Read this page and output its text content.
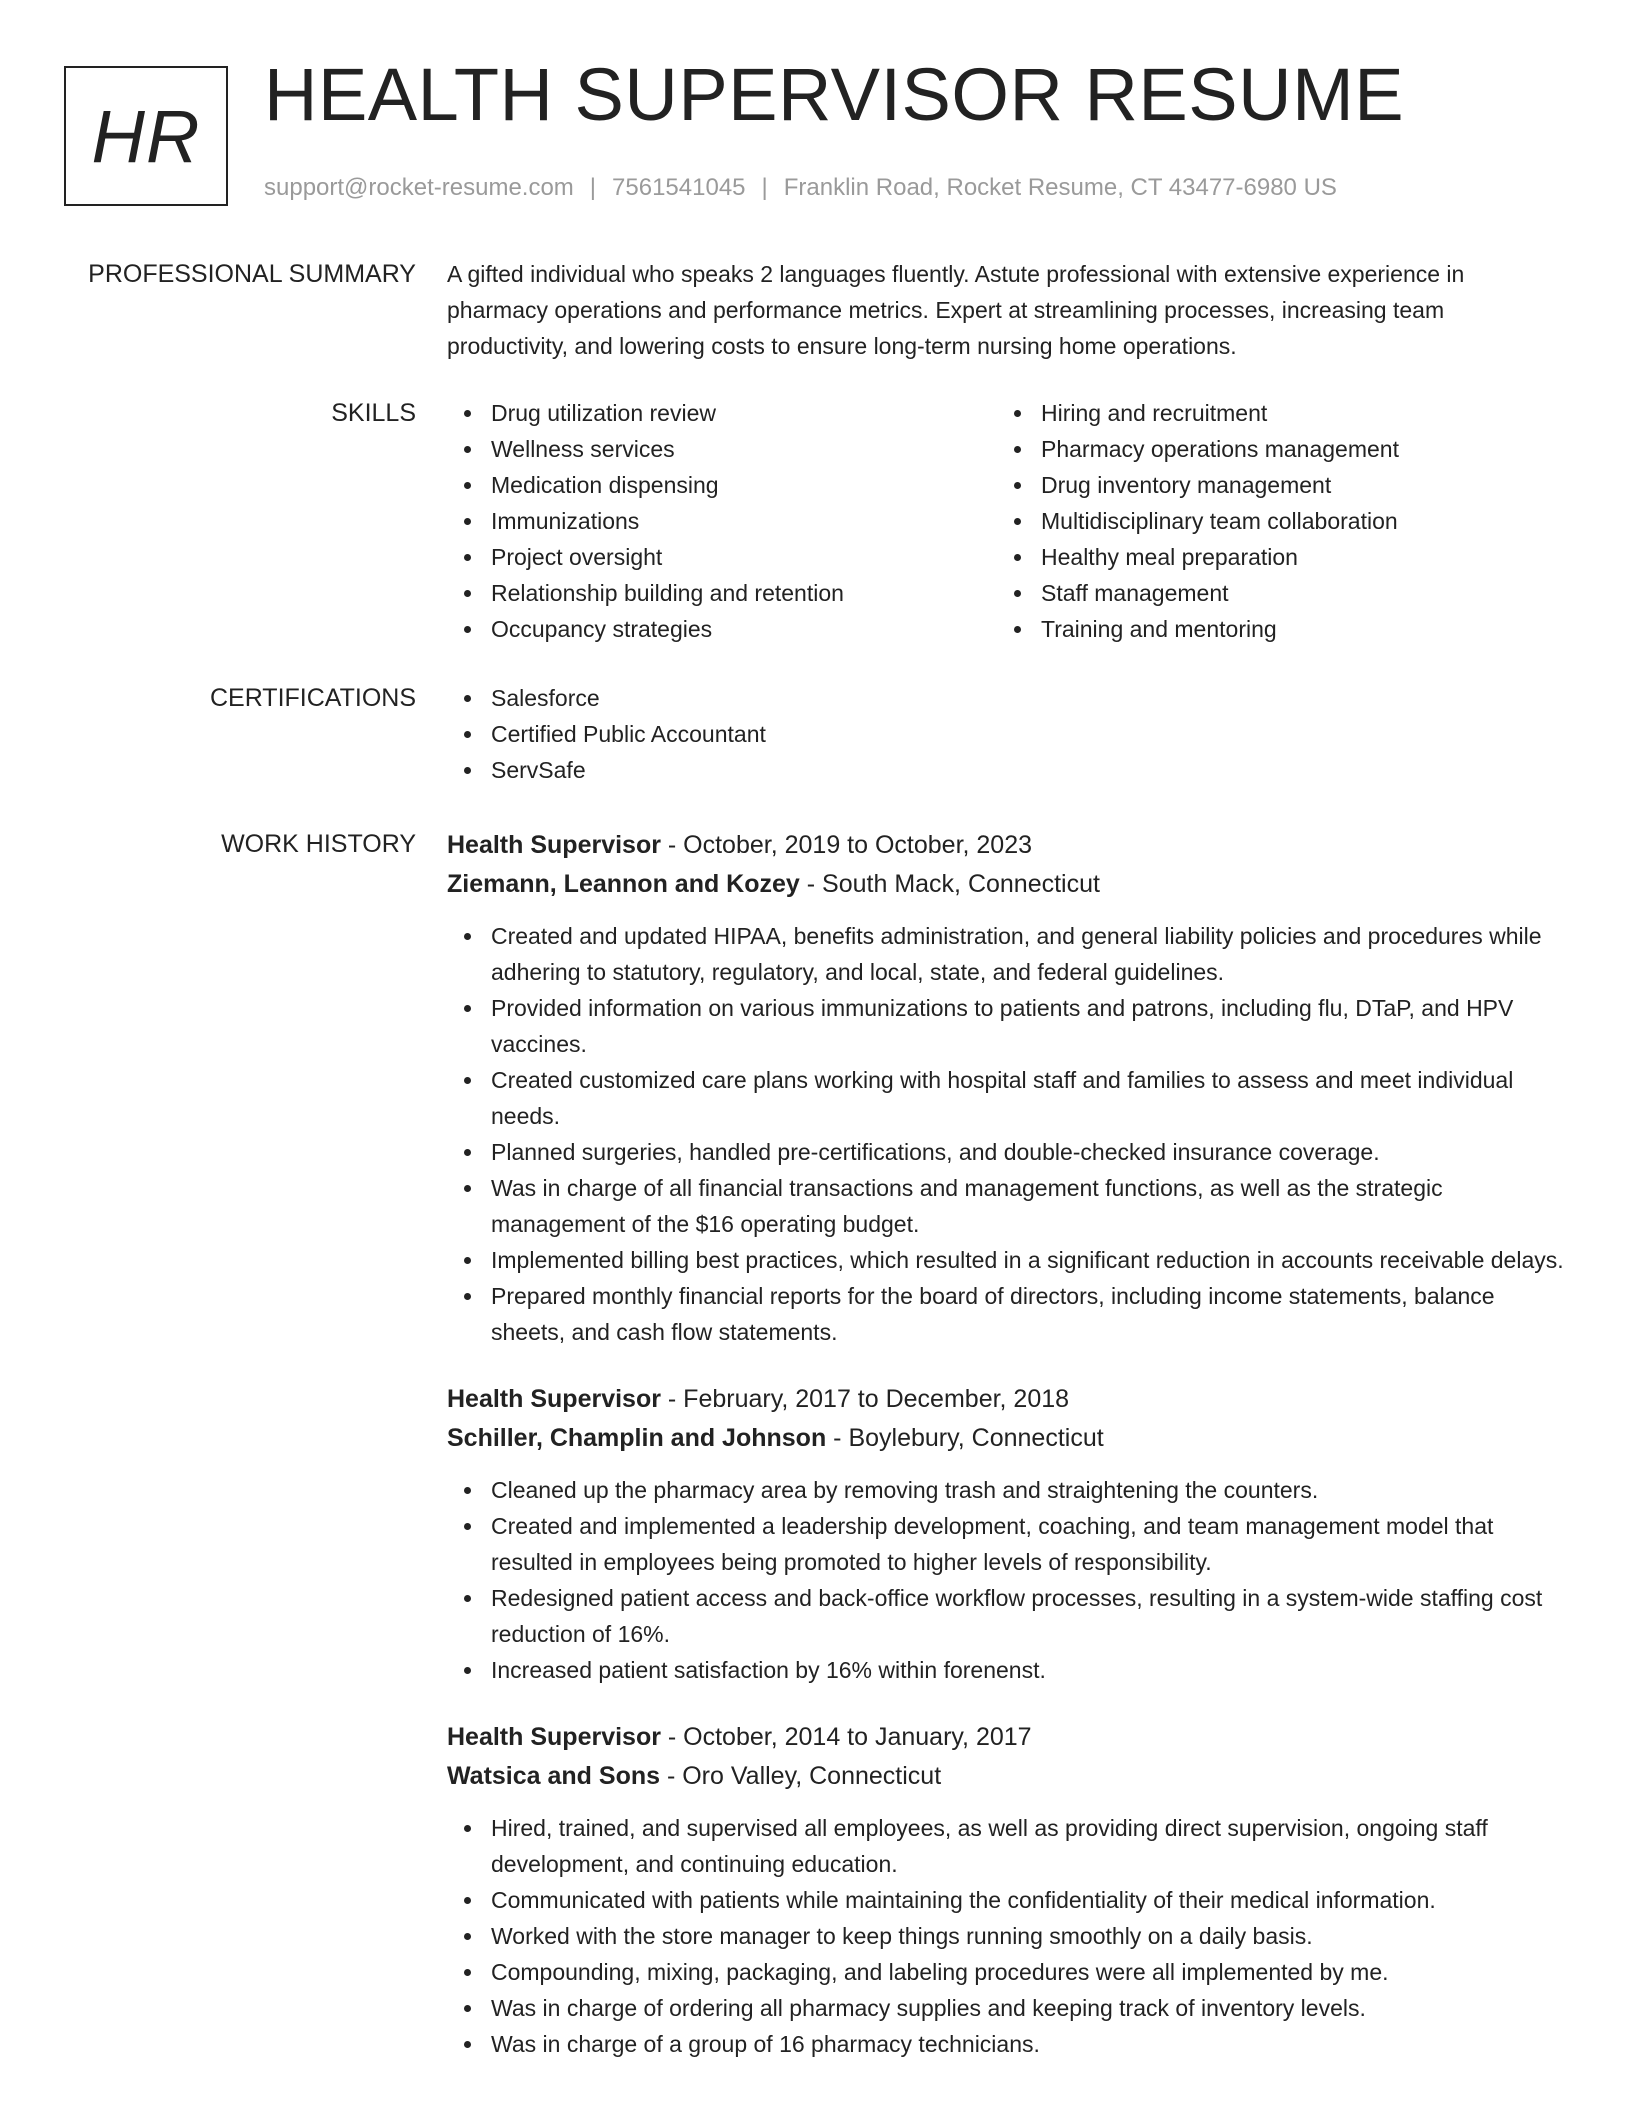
HR HEALTH SUPERVISOR RESUME
support@rocket-resume.com | 7561541045 | Franklin Road, Rocket Resume, CT 43477-6980 US
PROFESSIONAL SUMMARY A gifted individual who speaks 2 languages fluently. Astute professional with extensive experience in pharmacy operations and performance metrics. Expert at streamlining processes, increasing team productivity, and lowering costs to ensure long-term nursing home operations.

SKILLS	Drug utilization review
Wellness services
Medication dispensing
Immunizations
Project oversight
Relationship building and retention
Occupancy strategies
Hiring and recruitment
Pharmacy operations management
Drug inventory management
Multidisciplinary team collaboration
Healthy meal preparation
Staff management
Training and mentoring
CERTIFICATIONS	Salesforce
Certified Public Accountant
ServSafe
WORK HISTORY Health Supervisor - October, 2019 to October, 2023

Ziemann, Leannon and Kozey - South Mack, Connecticut

Created and updated HIPAA, benefits administration, and general liability policies and procedures while adhering to statutory, regulatory, and local, state, and federal guidelines.
Provided information on various immunizations to patients and patrons, including flu, DTaP, and HPV vaccines.
Created customized care plans working with hospital staff and families to assess and meet individual needs.
Planned surgeries, handled pre-certifications, and double-checked insurance coverage.
Was in charge of all financial transactions and management functions, as well as the strategic management of the $16 operating budget.
Implemented billing best practices, which resulted in a significant reduction in accounts receivable delays.
Prepared monthly financial reports for the board of directors, including income statements, balance sheets, and cash flow statements.

Health Supervisor - February, 2017 to December, 2018

Schiller, Champlin and Johnson - Boylebury, Connecticut

Cleaned up the pharmacy area by removing trash and straightening the counters.
Created and implemented a leadership development, coaching, and team management model that resulted in employees being promoted to higher levels of responsibility.
Redesigned patient access and back-office workflow processes, resulting in a system-wide staffing cost reduction of 16%.
Increased patient satisfaction by 16% within forenenst.

Health Supervisor - October, 2014 to January, 2017

Watsica and Sons - Oro Valley, Connecticut

Hired, trained, and supervised all employees, as well as providing direct supervision, ongoing staff development, and continuing education.
Communicated with patients while maintaining the confidentiality of their medical information.
Worked with the store manager to keep things running smoothly on a daily basis.
Compounding, mixing, packaging, and labeling procedures were all implemented by me.
Was in charge of ordering all pharmacy supplies and keeping track of inventory levels.
Was in charge of a group of 16 pharmacy technicians.
